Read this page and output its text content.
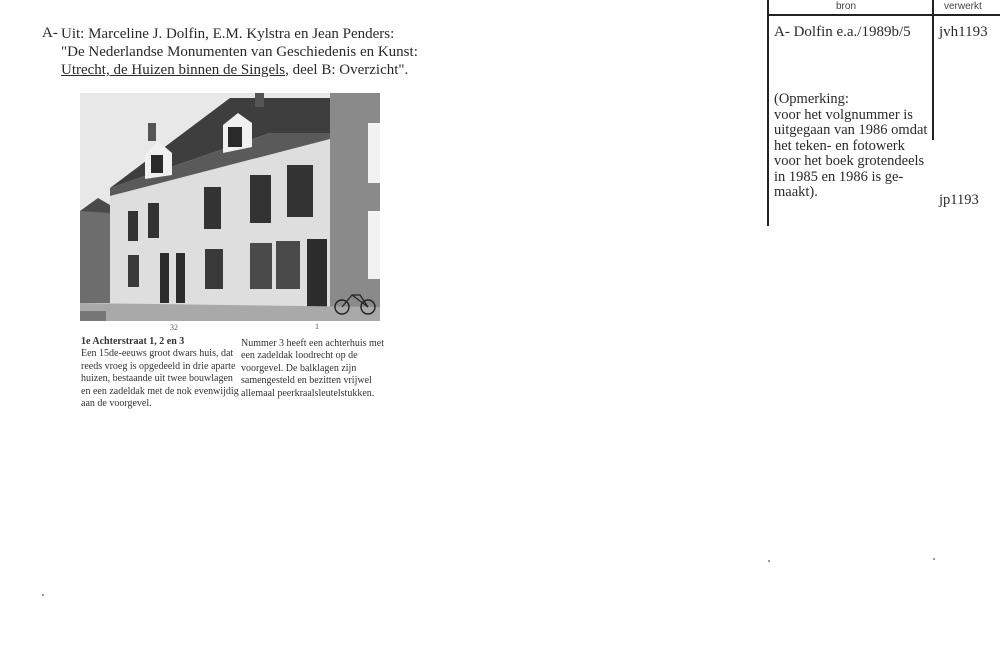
A- Uit: Marceline J. Dolfin, E.M. Kylstra en Jean Penders:
"De Nederlandse Monumenten van Geschiedenis en Kunst:
Utrecht, de Huizen binnen de Singels, deel B: Overzicht".
32	1
1e Achterstraat 1, 2 en 3
Een 15de-eeuws groot dwars huis, dat reeds vroeg is opgedeeld in drie aparte huizen, bestaande uit twee bouwlagen en een zadeldak met de nok evenwijdig aan de voorgevel.
Nummer 3 heeft een achterhuis met een zadeldak loodrecht op de voorgevel. De balklagen zijn samengesteld en bezitten vrijwel allemaal peerkraalsleutelstukken.
bron	verwerkt
A- Dolfin e.a./1989b/5 jvh1193
(Opmerking:
voor het volgnummer is
uitgegaan van 1986 omdat
het teken- en fotowerk
voor het boek grotendeels
in 1985 en 1986 is ge-
maakt).	jp1193
